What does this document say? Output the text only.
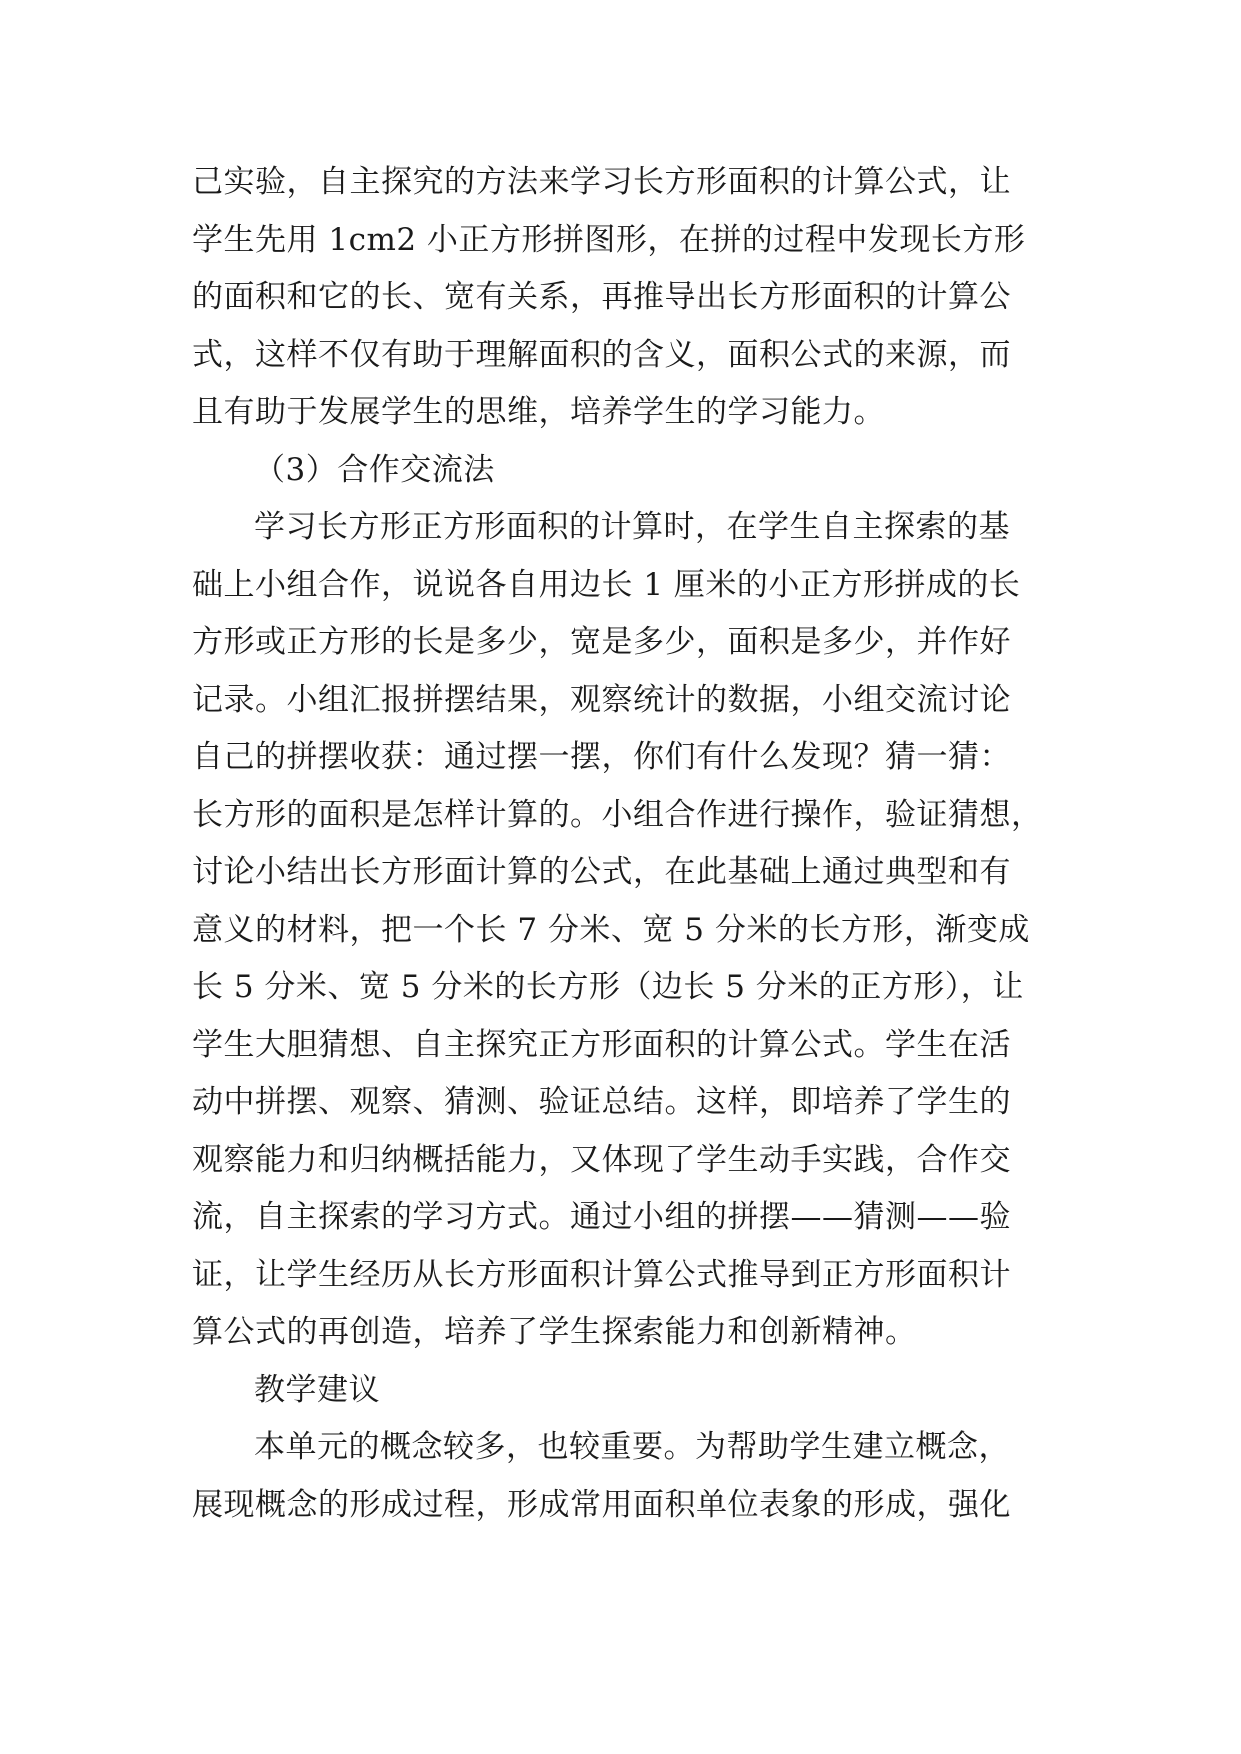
己实验，自主探究的方法来学习长方形面积的计算公式，让
学生先用 1cm2 小正方形拼图形，在拼的过程中发现长方形
的面积和它的长、宽有关系，再推导出长方形面积的计算公
式，这样不仅有助于理解面积的含义，面积公式的来源，而
且有助于发展学生的思维，培养学生的学习能力。
（3）合作交流法
学习长方形正方形面积的计算时，在学生自主探索的基
础上小组合作，说说各自用边长 1 厘米的小正方形拼成的长
方形或正方形的长是多少，宽是多少，面积是多少，并作好
记录。小组汇报拼摆结果，观察统计的数据，小组交流讨论
自己的拼摆收获：通过摆一摆，你们有什么发现？猜一猜：
长方形的面积是怎样计算的。小组合作进行操作，验证猜想，
讨论小结出长方形面计算的公式，在此基础上通过典型和有
意义的材料，把一个长 7 分米、宽 5 分米的长方形，渐变成
长 5 分米、宽 5 分米的长方形（边长 5 分米的正方形），让
学生大胆猜想、自主探究正方形面积的计算公式。学生在活
动中拼摆、观察、猜测、验证总结。这样，即培养了学生的
观察能力和归纳概括能力，又体现了学生动手实践，合作交
流，自主探索的学习方式。通过小组的拼摆——猜测——验
证，让学生经历从长方形面积计算公式推导到正方形面积计
算公式的再创造，培养了学生探索能力和创新精神。
教学建议
本单元的概念较多，也较重要。为帮助学生建立概念，
展现概念的形成过程，形成常用面积单位表象的形成，强化
